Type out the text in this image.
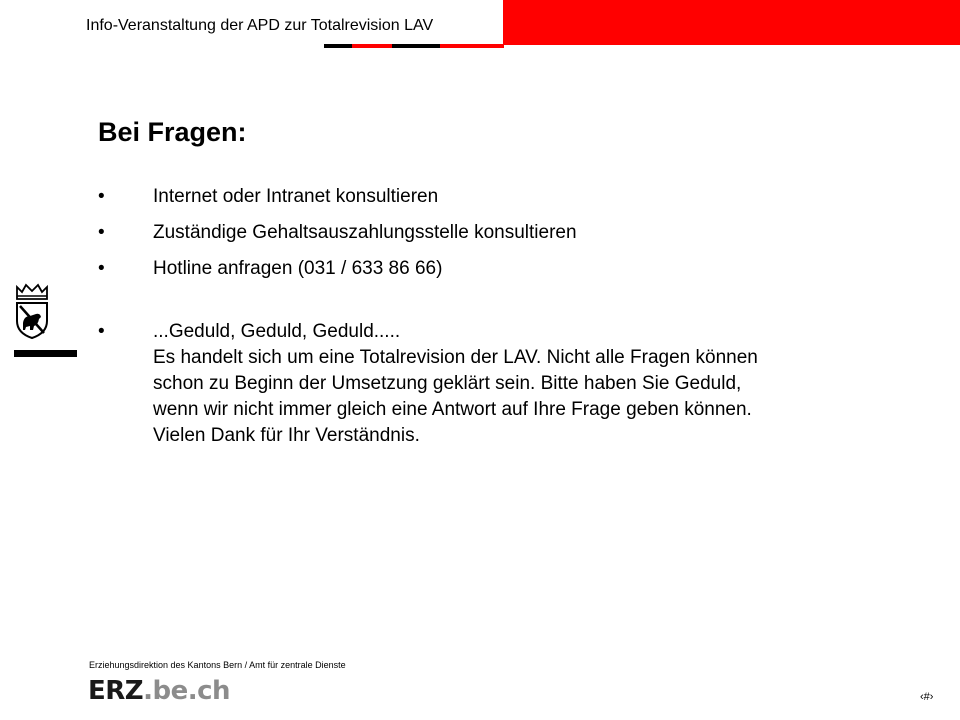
Info-Veranstaltung der APD zur Totalrevision LAV
Bei Fragen:
•	Internet oder Intranet konsultieren
•	Zuständige Gehaltsauszahlungsstelle konsultieren
•	Hotline anfragen (031 / 633 86 66)
•	...Geduld, Geduld, Geduld.....
Es handelt sich um eine Totalrevision der LAV. Nicht alle Fragen können
schon zu Beginn der Umsetzung geklärt sein. Bitte haben Sie Geduld,
wenn wir nicht immer gleich eine Antwort auf Ihre Frage geben können.
Vielen Dank für Ihr Verständnis.
Erziehungsdirektion des Kantons Bern / Amt für zentrale Dienste
ERZ.be.ch	‹#›
